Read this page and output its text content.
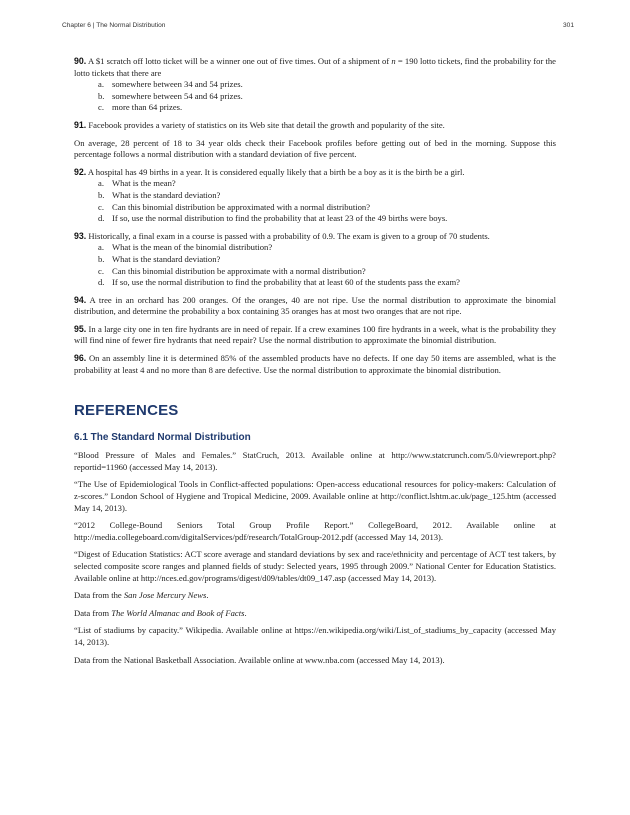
Chapter 6 | The Normal Distribution	301
90. A $1 scratch off lotto ticket will be a winner one out of five times. Out of a shipment of n = 190 lotto tickets, find the probability for the lotto tickets that there are
a. somewhere between 34 and 54 prizes.
b. somewhere between 54 and 64 prizes.
c. more than 64 prizes.
91. Facebook provides a variety of statistics on its Web site that detail the growth and popularity of the site.
On average, 28 percent of 18 to 34 year olds check their Facebook profiles before getting out of bed in the morning. Suppose this percentage follows a normal distribution with a standard deviation of five percent.
92. A hospital has 49 births in a year. It is considered equally likely that a birth be a boy as it is the birth be a girl.
a. What is the mean?
b. What is the standard deviation?
c. Can this binomial distribution be approximated with a normal distribution?
d. If so, use the normal distribution to find the probability that at least 23 of the 49 births were boys.
93. Historically, a final exam in a course is passed with a probability of 0.9. The exam is given to a group of 70 students.
a. What is the mean of the binomial distribution?
b. What is the standard deviation?
c. Can this binomial distribution be approximate with a normal distribution?
d. If so, use the normal distribution to find the probability that at least 60 of the students pass the exam?
94. A tree in an orchard has 200 oranges. Of the oranges, 40 are not ripe. Use the normal distribution to approximate the binomial distribution, and determine the probability a box containing 35 oranges has at most two oranges that are not ripe.
95. In a large city one in ten fire hydrants are in need of repair. If a crew examines 100 fire hydrants in a week, what is the probability they will find nine of fewer fire hydrants that need repair? Use the normal distribution to approximate the binomial distribution.
96. On an assembly line it is determined 85% of the assembled products have no defects. If one day 50 items are assembled, what is the probability at least 4 and no more than 8 are defective. Use the normal distribution to approximate the binomial distribution.
REFERENCES
6.1 The Standard Normal Distribution

“Blood Pressure of Males and Females.” StatCruch, 2013. Available online at http://www.statcrunch.com/5.0/viewreport.php?reportid=11960 (accessed May 14, 2013).

“The Use of Epidemiological Tools in Conflict-affected populations: Open-access educational resources for policy-makers: Calculation of z-scores.” London School of Hygiene and Tropical Medicine, 2009. Available online at http://conflict.lshtm.ac.uk/page_125.htm (accessed May 14, 2013).

“2012 College-Bound Seniors Total Group Profile Report.” CollegeBoard, 2012. Available online at http://media.collegeboard.com/digitalServices/pdf/research/TotalGroup-2012.pdf (accessed May 14, 2013).

“Digest of Education Statistics: ACT score average and standard deviations by sex and race/ethnicity and percentage of ACT test takers, by selected composite score ranges and planned fields of study: Selected years, 1995 through 2009.” National Center for Education Statistics. Available online at http://nces.ed.gov/programs/digest/d09/tables/dt09_147.asp (accessed May 14, 2013).

Data from the San Jose Mercury News.

Data from The World Almanac and Book of Facts.

“List of stadiums by capacity.” Wikipedia. Available online at https://en.wikipedia.org/wiki/List_of_stadiums_by_capacity (accessed May 14, 2013).

Data from the National Basketball Association. Available online at www.nba.com (accessed May 14, 2013).
